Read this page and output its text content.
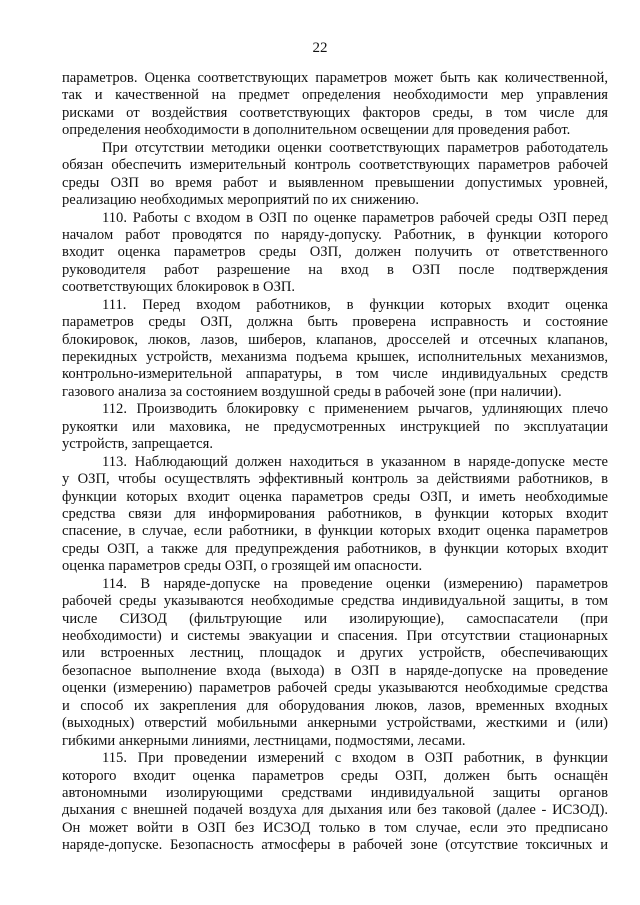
22
параметров. Оценка соответствующих параметров может быть как количественной,
так и качественной на предмет определения необходимости мер управления
рисками от воздействия соответствующих факторов среды, в том числе для
определения необходимости в дополнительном освещении для проведения работ.
При отсутствии методики оценки соответствующих параметров работодатель
обязан обеспечить измерительный контроль соответствующих параметров рабочей
среды ОЗП во время работ и выявленном превышении допустимых уровней,
реализацию необходимых мероприятий по их снижению.
110. Работы с входом в ОЗП по оценке параметров рабочей среды ОЗП перед
началом работ проводятся по наряду-допуску. Работник, в функции которого
входит оценка параметров среды ОЗП, должен получить от ответственного
руководителя работ разрешение на вход в ОЗП после подтверждения
соответствующих блокировок в ОЗП.
111. Перед входом работников, в функции которых входит оценка
параметров среды ОЗП, должна быть проверена исправность и состояние
блокировок, люков, лазов, шиберов, клапанов, дросселей и отсечных клапанов,
перекидных устройств, механизма подъема крышек, исполнительных механизмов,
контрольно-измерительной аппаратуры, в том числе индивидуальных средств
газового анализа за состоянием воздушной среды в рабочей зоне (при наличии).
112. Производить блокировку с применением рычагов, удлиняющих плечо
рукоятки или маховика, не предусмотренных инструкцией по эксплуатации
устройств, запрещается.
113. Наблюдающий должен находиться в указанном в наряде-допуске месте
у ОЗП, чтобы осуществлять эффективный контроль за действиями работников, в
функции которых входит оценка параметров среды ОЗП, и иметь необходимые
средства связи для информирования работников, в функции которых входит
спасение, в случае, если работники, в функции которых входит оценка параметров
среды ОЗП, а также для предупреждения работников, в функции которых входит
оценка параметров среды ОЗП, о грозящей им опасности.
114. В наряде-допуске на проведение оценки (измерению) параметров
рабочей среды указываются необходимые средства индивидуальной защиты, в том
числе СИЗОД (фильтрующие или изолирующие), самоспасатели (при
необходимости) и системы эвакуации и спасения. При отсутствии стационарных
или встроенных лестниц, площадок и других устройств, обеспечивающих
безопасное выполнение входа (выхода) в ОЗП в наряде-допуске на проведение
оценки (измерению) параметров рабочей среды указываются необходимые средства
и способ их закрепления для оборудования люков, лазов, временных входных
(выходных) отверстий мобильными анкерными устройствами, жесткими и (или)
гибкими анкерными линиями, лестницами, подмостями, лесами.
115. При проведении измерений с входом в ОЗП работник, в функции
которого входит оценка параметров среды ОЗП, должен быть оснащён
автономными изолирующими средствами индивидуальной защиты органов
дыхания с внешней подачей воздуха для дыхания или без таковой (далее - ИСЗОД).
Он может войти в ОЗП без ИСЗОД только в том случае, если это предписано
наряде-допуске. Безопасность атмосферы в рабочей зоне (отсутствие токсичных и
